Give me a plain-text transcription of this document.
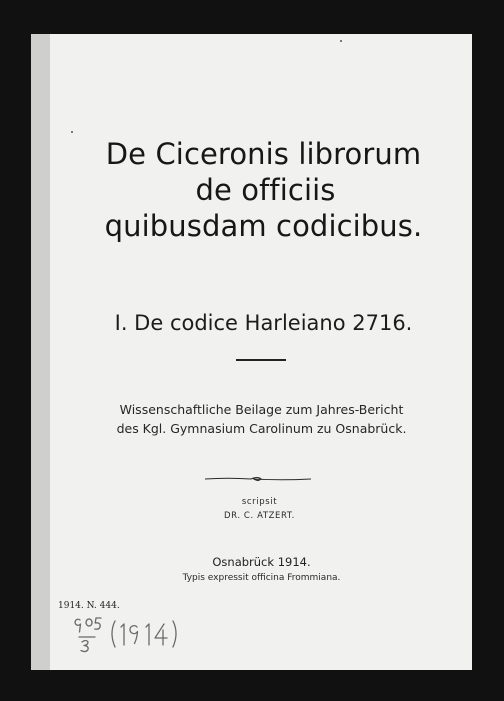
De Ciceronis librorum
de officiis
quibusdam codicibus.
I. De codice Harleiano 2716.
Wissenschaftliche Beilage zum Jahres-Bericht
des Kgl. Gymnasium Carolinum zu Osnabrück.
scripsit
DR. C. ATZERT.
Osnabrück 1914.
Typis expressit officina Frommiana.
1914. N. 444.
